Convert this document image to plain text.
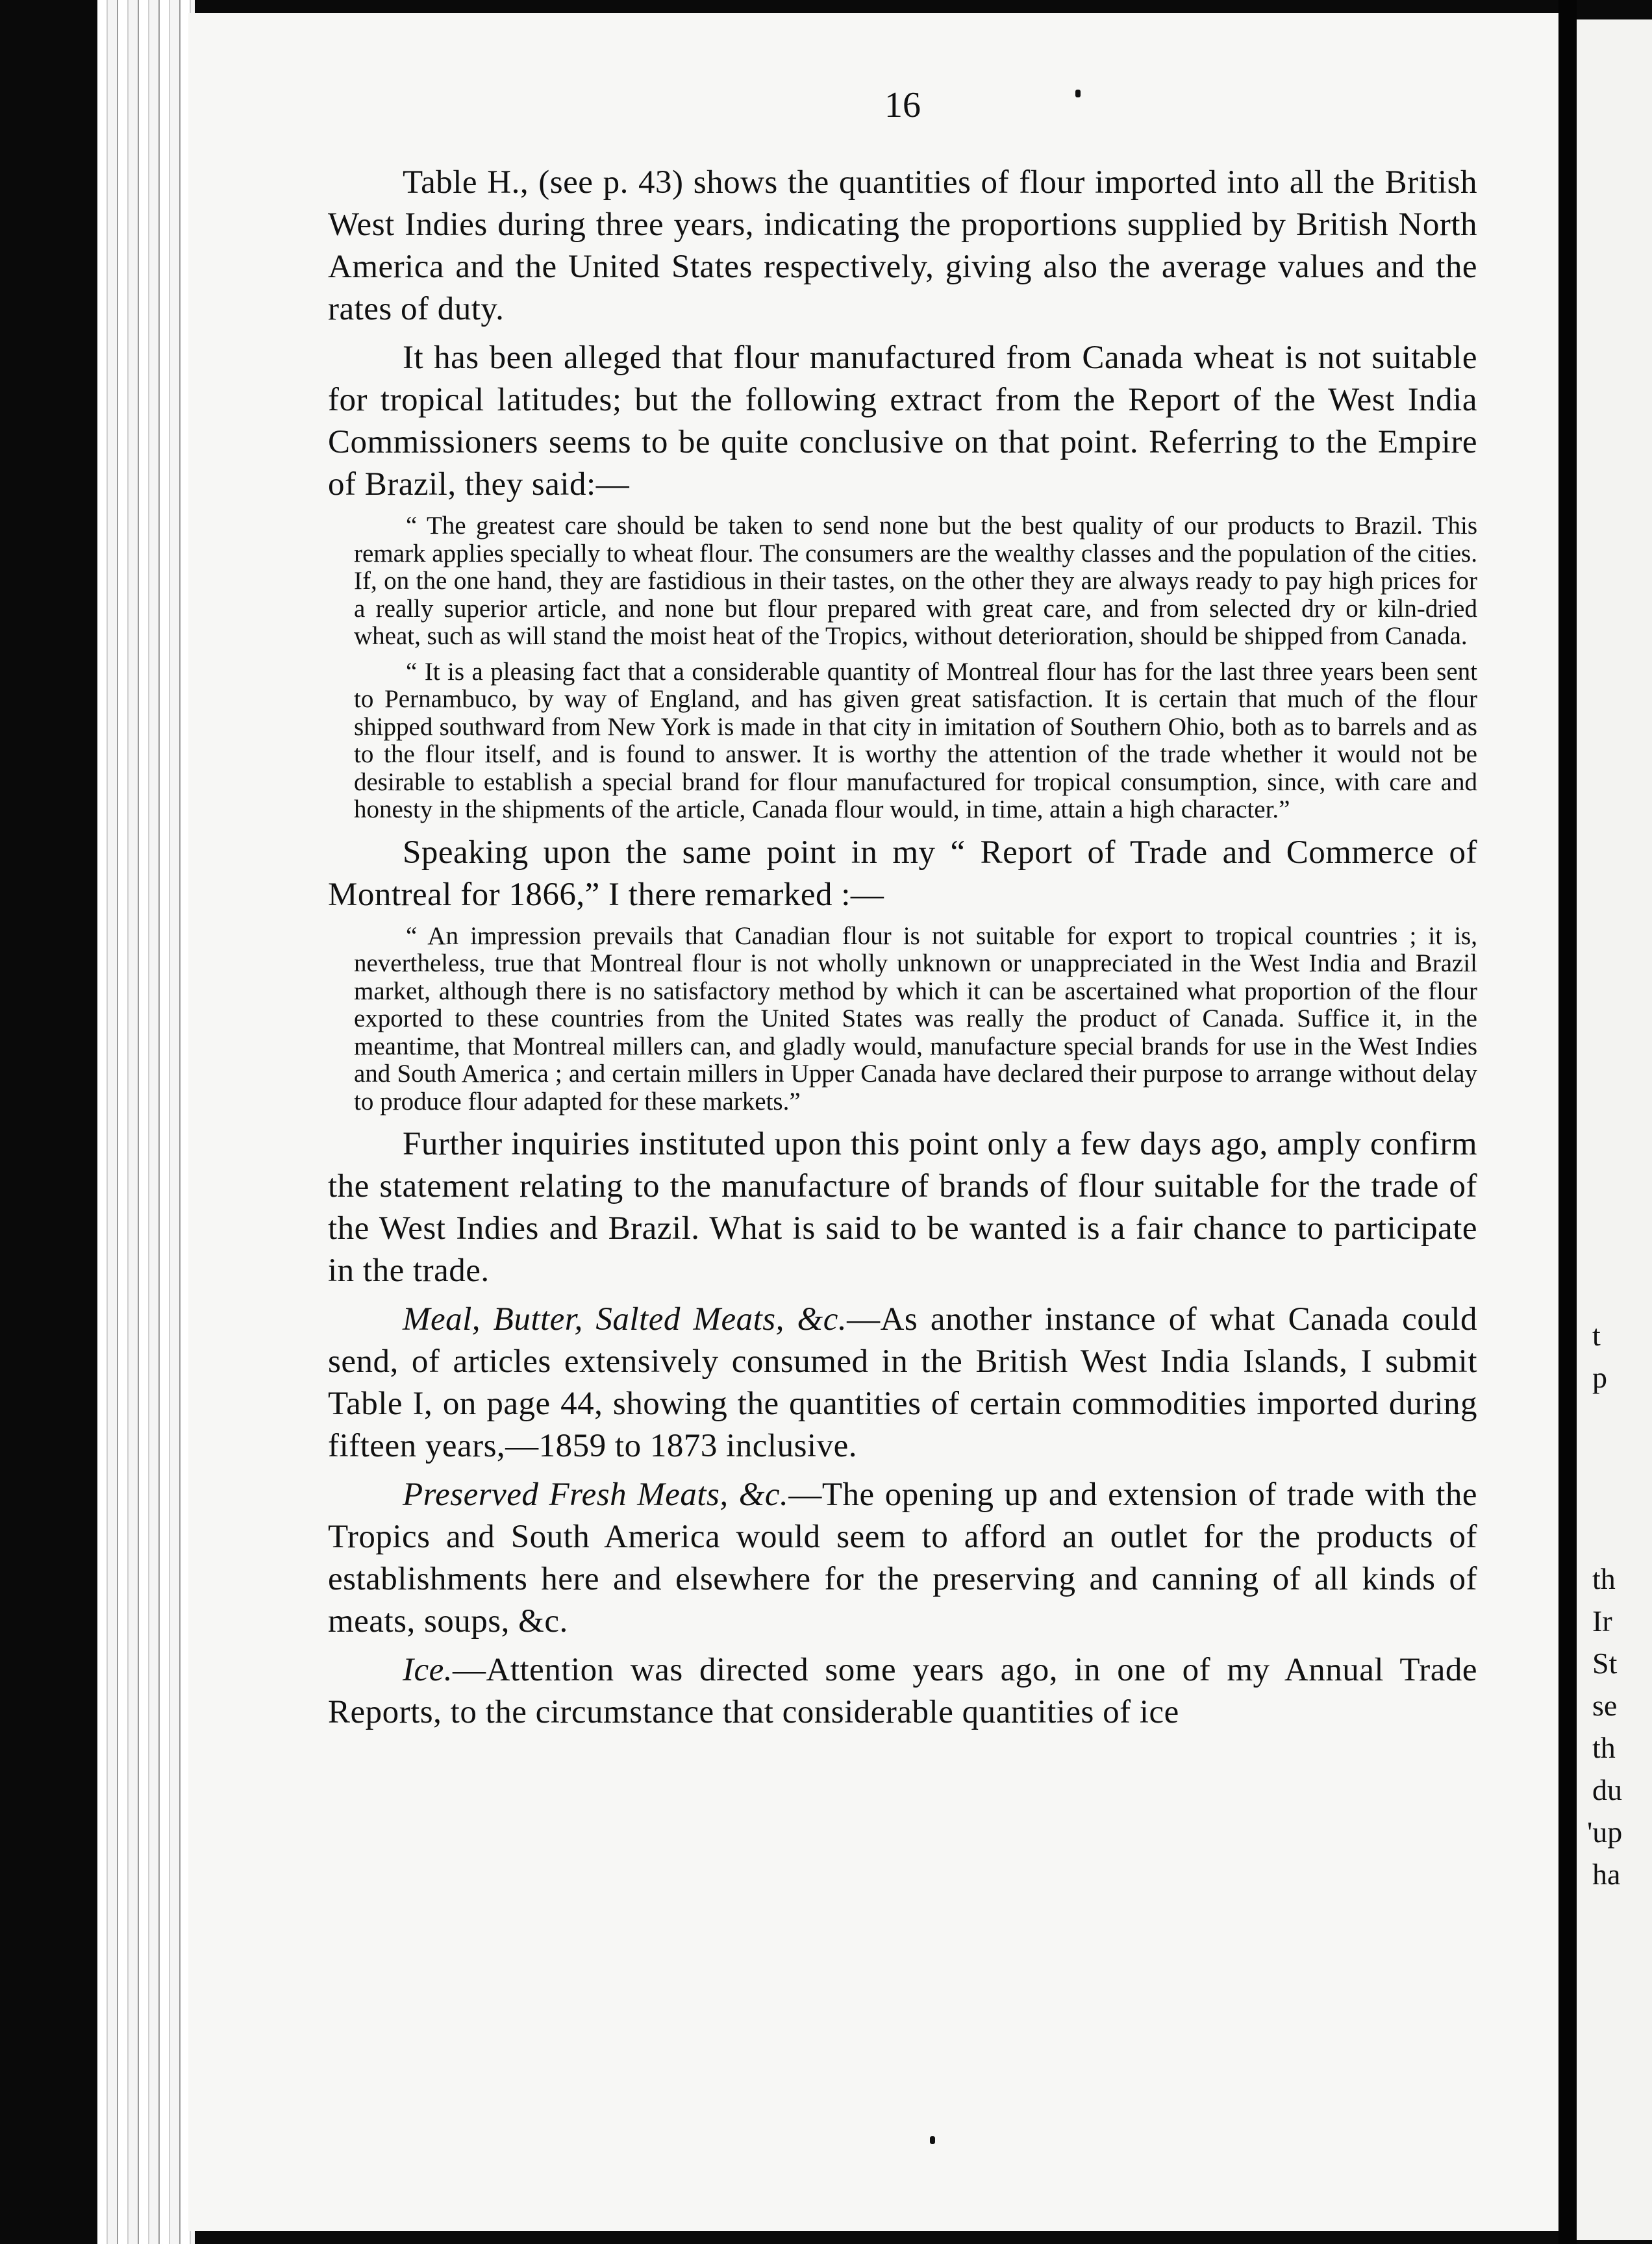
t
p
th
Ir
St
se
th
du
'up
ha
16

Table H., (see p. 43) shows the quantities of flour imported into all the British West Indies during three years, indicating the proportions supplied by British North America and the United States respectively, giving also the average values and the rates of duty.

It has been alleged that flour manufactured from Canada wheat is not suitable for tropical latitudes; but the following extract from the Report of the West India Commissioners seems to be quite conclusive on that point. Referring to the Empire of Brazil, they said:—

“ The greatest care should be taken to send none but the best quality of our products to Brazil. This remark applies specially to wheat flour. The consumers are the wealthy classes and the population of the cities. If, on the one hand, they are fastidious in their tastes, on the other they are always ready to pay high prices for a really superior article, and none but flour prepared with great care, and from selected dry or kiln-dried wheat, such as will stand the moist heat of the Tropics, without deterioration, should be shipped from Canada.

“ It is a pleasing fact that a considerable quantity of Montreal flour has for the last three years been sent to Pernambuco, by way of England, and has given great satisfaction. It is certain that much of the flour shipped southward from New York is made in that city in imitation of Southern Ohio, both as to barrels and as to the flour itself, and is found to answer. It is worthy the attention of the trade whether it would not be desirable to establish a special brand for flour manufactured for tropical consumption, since, with care and honesty in the shipments of the article, Canada flour would, in time, attain a high character.”

Speaking upon the same point in my “ Report of Trade and Commerce of Montreal for 1866,” I there remarked :—

“ An impression prevails that Canadian flour is not suitable for export to tropical countries ; it is, nevertheless, true that Montreal flour is not wholly unknown or unappreciated in the West India and Brazil market, although there is no satisfactory method by which it can be ascertained what proportion of the flour exported to these countries from the United States was really the product of Canada. Suffice it, in the meantime, that Montreal millers can, and gladly would, manufacture special brands for use in the West Indies and South America ; and certain millers in Upper Canada have declared their purpose to arrange without delay to produce flour adapted for these markets.”

Further inquiries instituted upon this point only a few days ago, amply confirm the statement relating to the manufacture of brands of flour suitable for the trade of the West Indies and Brazil. What is said to be wanted is a fair chance to participate in the trade.

Meal, Butter, Salted Meats, &c.—As another instance of what Canada could send, of articles extensively consumed in the British West India Islands, I submit Table I, on page 44, showing the quantities of certain commodities imported during fifteen years,—1859 to 1873 inclusive.

Preserved Fresh Meats, &c.—The opening up and extension of trade with the Tropics and South America would seem to afford an outlet for the products of establishments here and elsewhere for the preserving and canning of all kinds of meats, soups, &c.

Ice.—Attention was directed some years ago, in one of my Annual Trade Reports, to the circumstance that considerable quantities of ice
